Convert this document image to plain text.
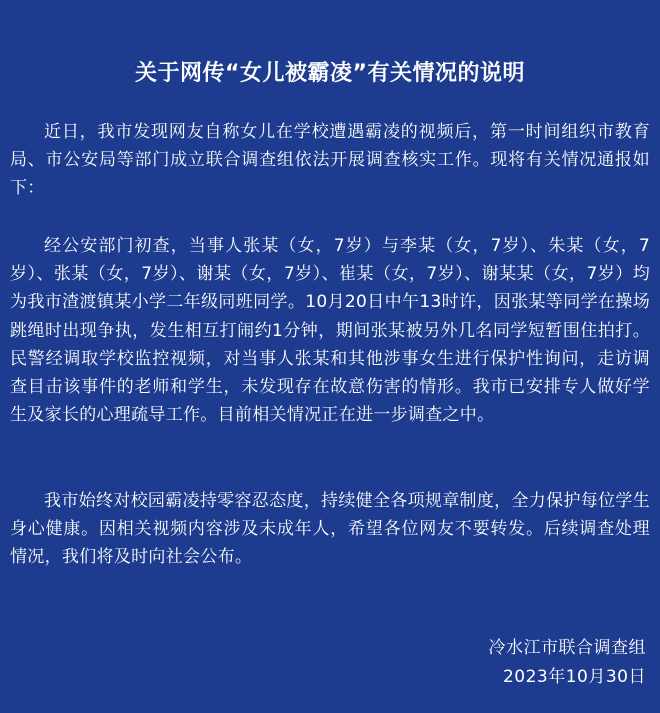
关于网传“女儿被霸凌”有关情况的说明

近日，我市发现网友自称女儿在学校遭遇霸凌的视频后，第一时间组织市教育局、市公安局等部门成立联合调查组依法开展调查核实工作。现将有关情况通报如下：

经公安部门初查，当事人张某（女，7岁）与李某（女，7岁）、朱某（女，7岁）、张某（女，7岁）、谢某（女，7岁）、崔某（女，7岁）、谢某某（女，7岁）均为我市渣渡镇某小学二年级同班同学。10月20日中午13时许，因张某等同学在操场跳绳时出现争执，发生相互打闹约1分钟，期间张某被另外几名同学短暂围住拍打。民警经调取学校监控视频，对当事人张某和其他涉事女生进行保护性询问，走访调查目击该事件的老师和学生，未发现存在故意伤害的情形。我市已安排专人做好学生及家长的心理疏导工作。目前相关情况正在进一步调查之中。

我市始终对校园霸凌持零容忍态度，持续健全各项规章制度，全力保护每位学生身心健康。因相关视频内容涉及未成年人，希望各位网友不要转发。后续调查处理情况，我们将及时向社会公布。

冷水江市联合调查组

2023年10月30日
